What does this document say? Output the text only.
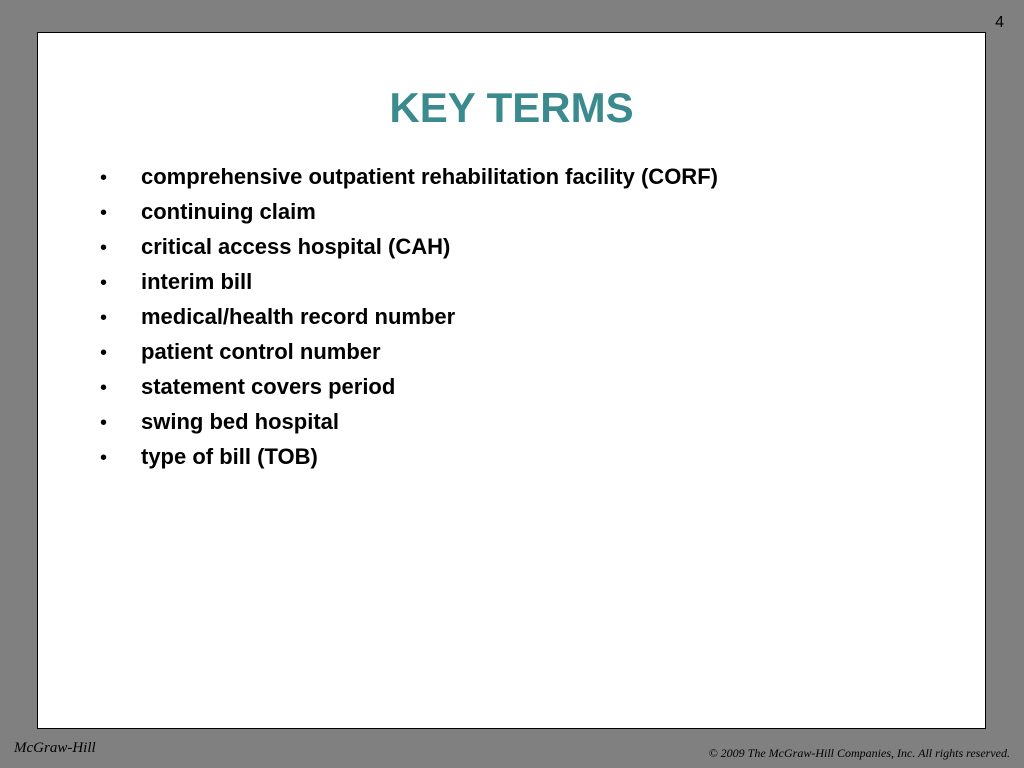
4
KEY TERMS
•	comprehensive outpatient rehabilitation facility (CORF)
•	continuing claim
•	critical access hospital (CAH)
•	interim bill
•	medical/health record number
•	patient control number
•	statement covers period
•	swing bed hospital
•	type of bill (TOB)
McGraw-Hill	© 2009 The McGraw-Hill Companies, Inc. All rights reserved.
